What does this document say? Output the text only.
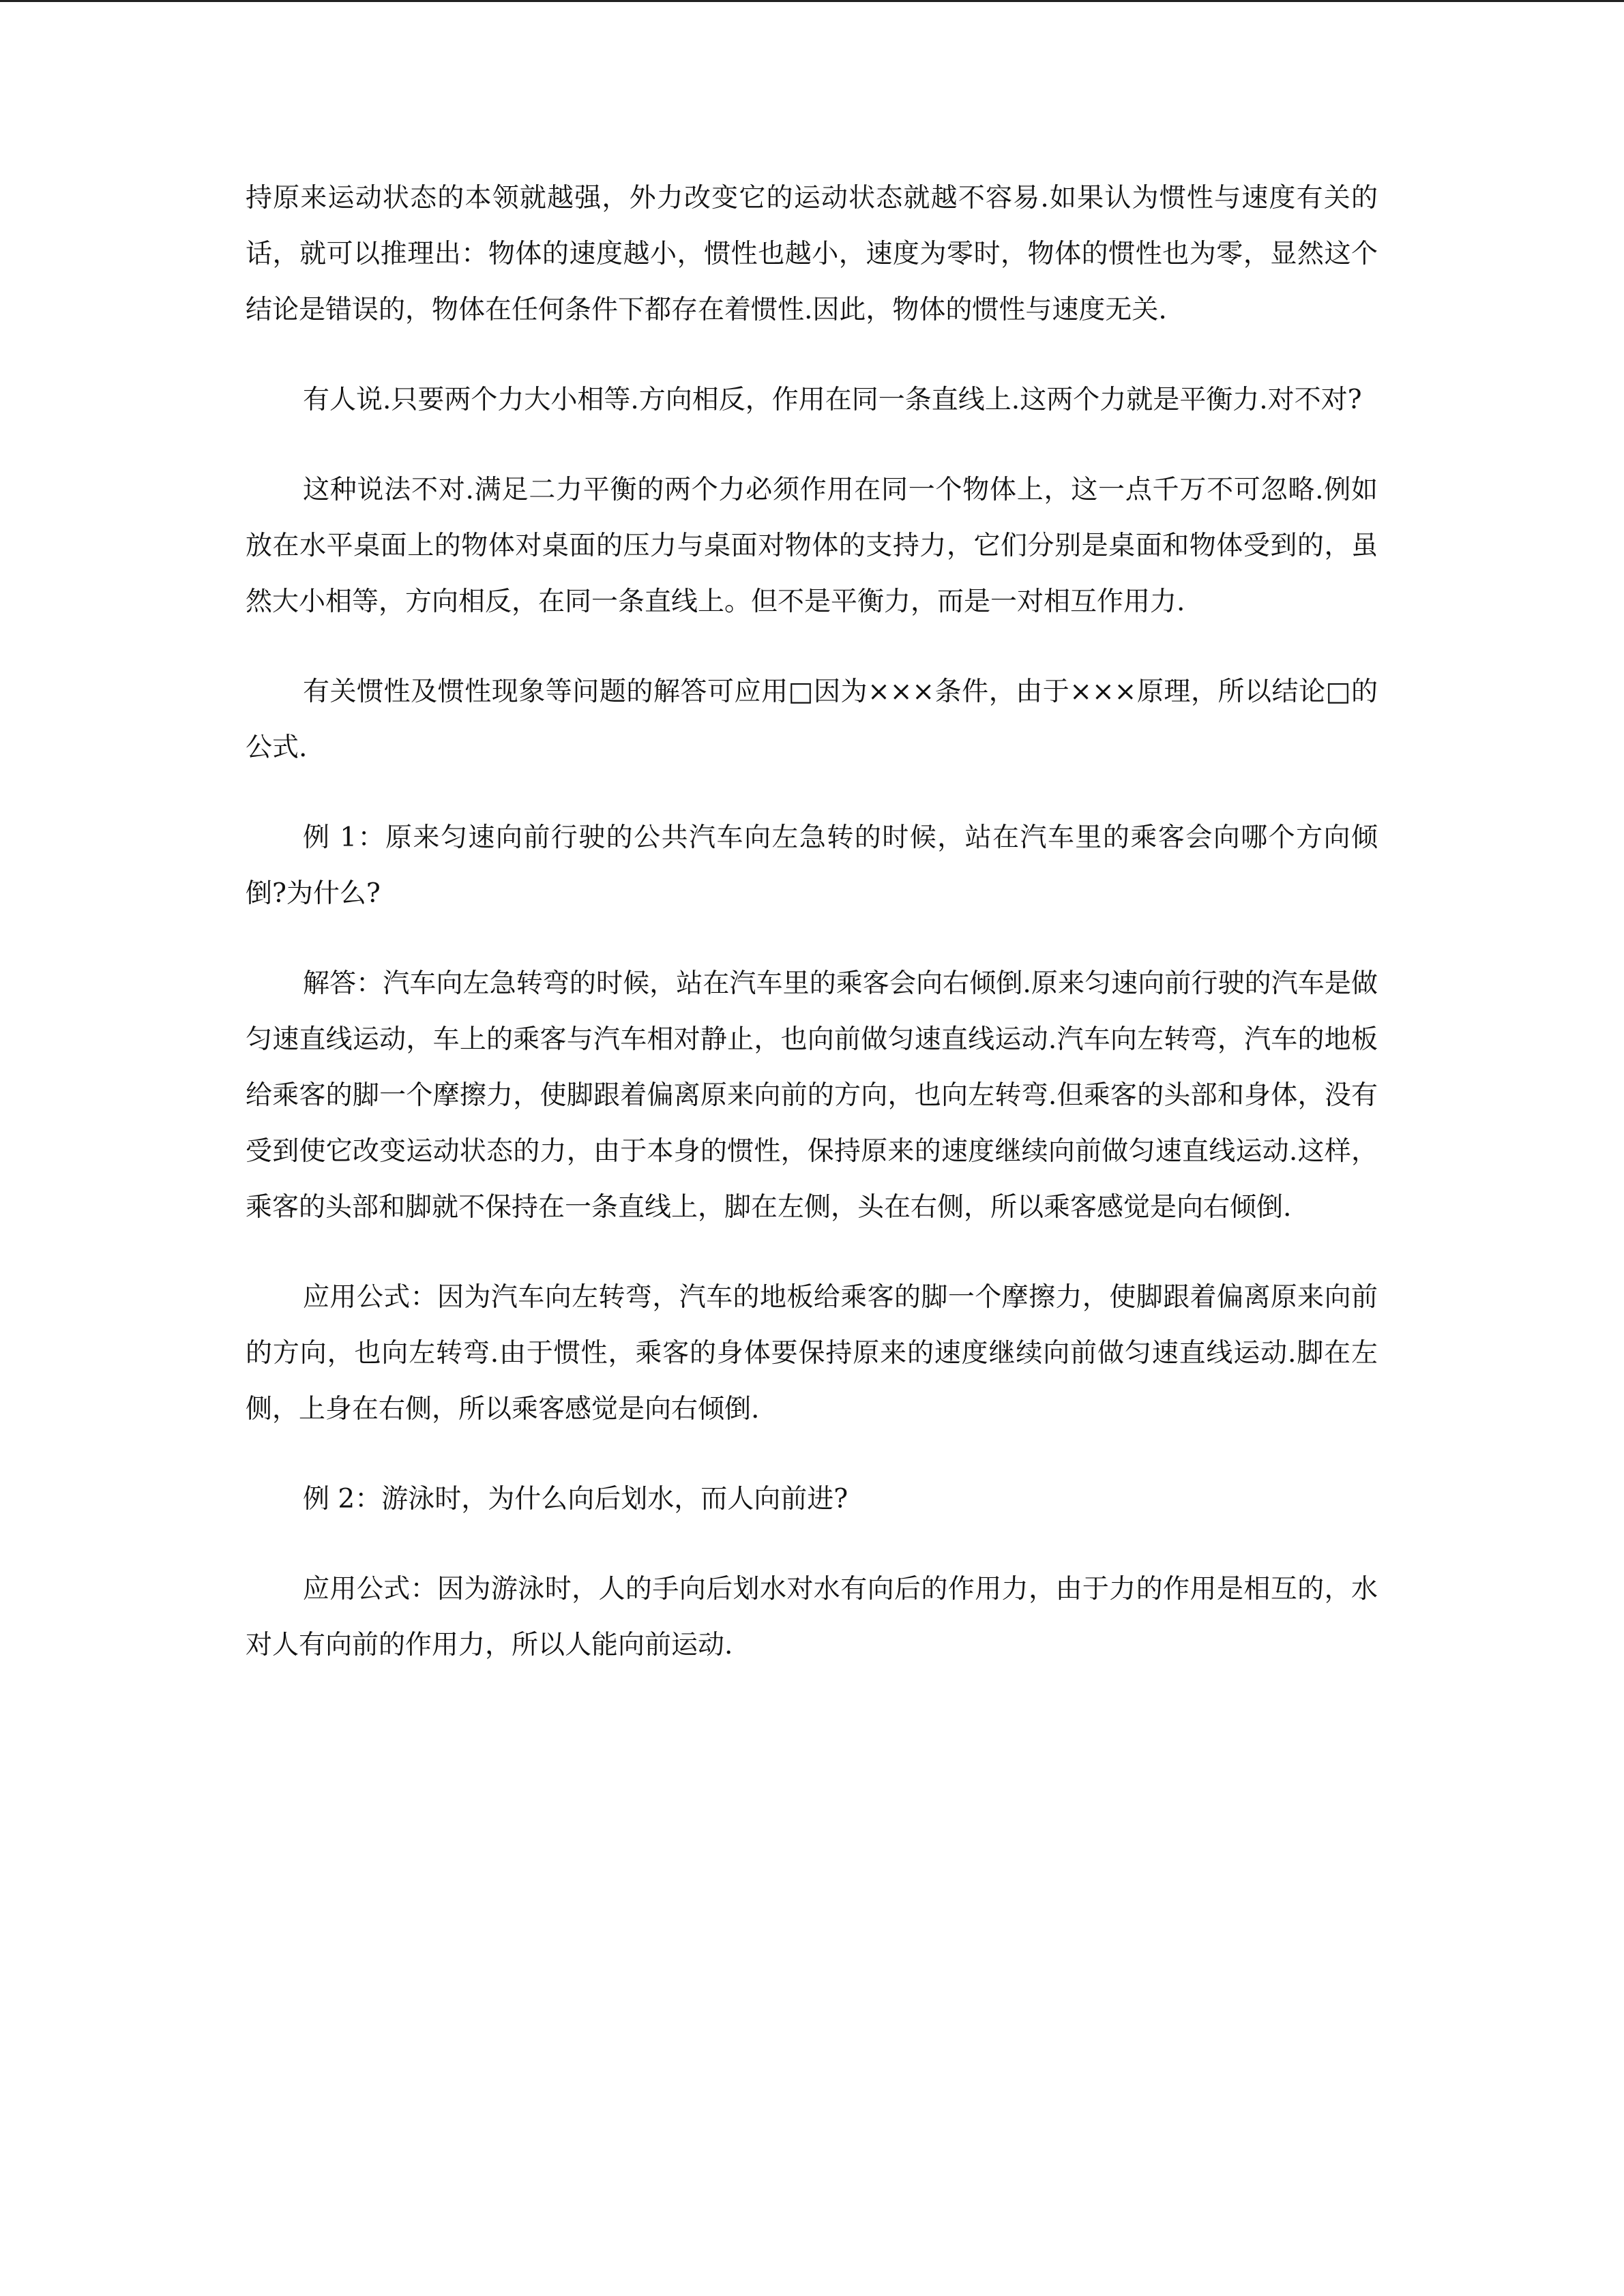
持原来运动状态的本领就越强，外力改变它的运动状态就越不容易.如果认为惯性与速度有关的话，就可以推理出：物体的速度越小，惯性也越小，速度为零时，物体的惯性也为零，显然这个结论是错误的，物体在任何条件下都存在着惯性.因此，物体的惯性与速度无关.

有人说.只要两个力大小相等.方向相反，作用在同一条直线上.这两个力就是平衡力.对不对?

这种说法不对.满足二力平衡的两个力必须作用在同一个物体上，这一点千万不可忽略.例如放在水平桌面上的物体对桌面的压力与桌面对物体的支持力，它们分别是桌面和物体受到的，虽然大小相等，方向相反，在同一条直线上。但不是平衡力，而是一对相互作用力.

有关惯性及惯性现象等问题的解答可应用□因为×××条件，由于×××原理，所以结论□的公式.

例 1：原来匀速向前行驶的公共汽车向左急转的时候，站在汽车里的乘客会向哪个方向倾倒?为什么?

解答：汽车向左急转弯的时候，站在汽车里的乘客会向右倾倒.原来匀速向前行驶的汽车是做匀速直线运动，车上的乘客与汽车相对静止，也向前做匀速直线运动.汽车向左转弯，汽车的地板给乘客的脚一个摩擦力，使脚跟着偏离原来向前的方向，也向左转弯.但乘客的头部和身体，没有受到使它改变运动状态的力，由于本身的惯性，保持原来的速度继续向前做匀速直线运动.这样，乘客的头部和脚就不保持在一条直线上，脚在左侧，头在右侧，所以乘客感觉是向右倾倒.

应用公式：因为汽车向左转弯，汽车的地板给乘客的脚一个摩擦力，使脚跟着偏离原来向前的方向，也向左转弯.由于惯性，乘客的身体要保持原来的速度继续向前做匀速直线运动.脚在左侧，上身在右侧，所以乘客感觉是向右倾倒.

例 2：游泳时，为什么向后划水，而人向前进?

应用公式：因为游泳时，人的手向后划水对水有向后的作用力，由于力的作用是相互的，水对人有向前的作用力，所以人能向前运动.
